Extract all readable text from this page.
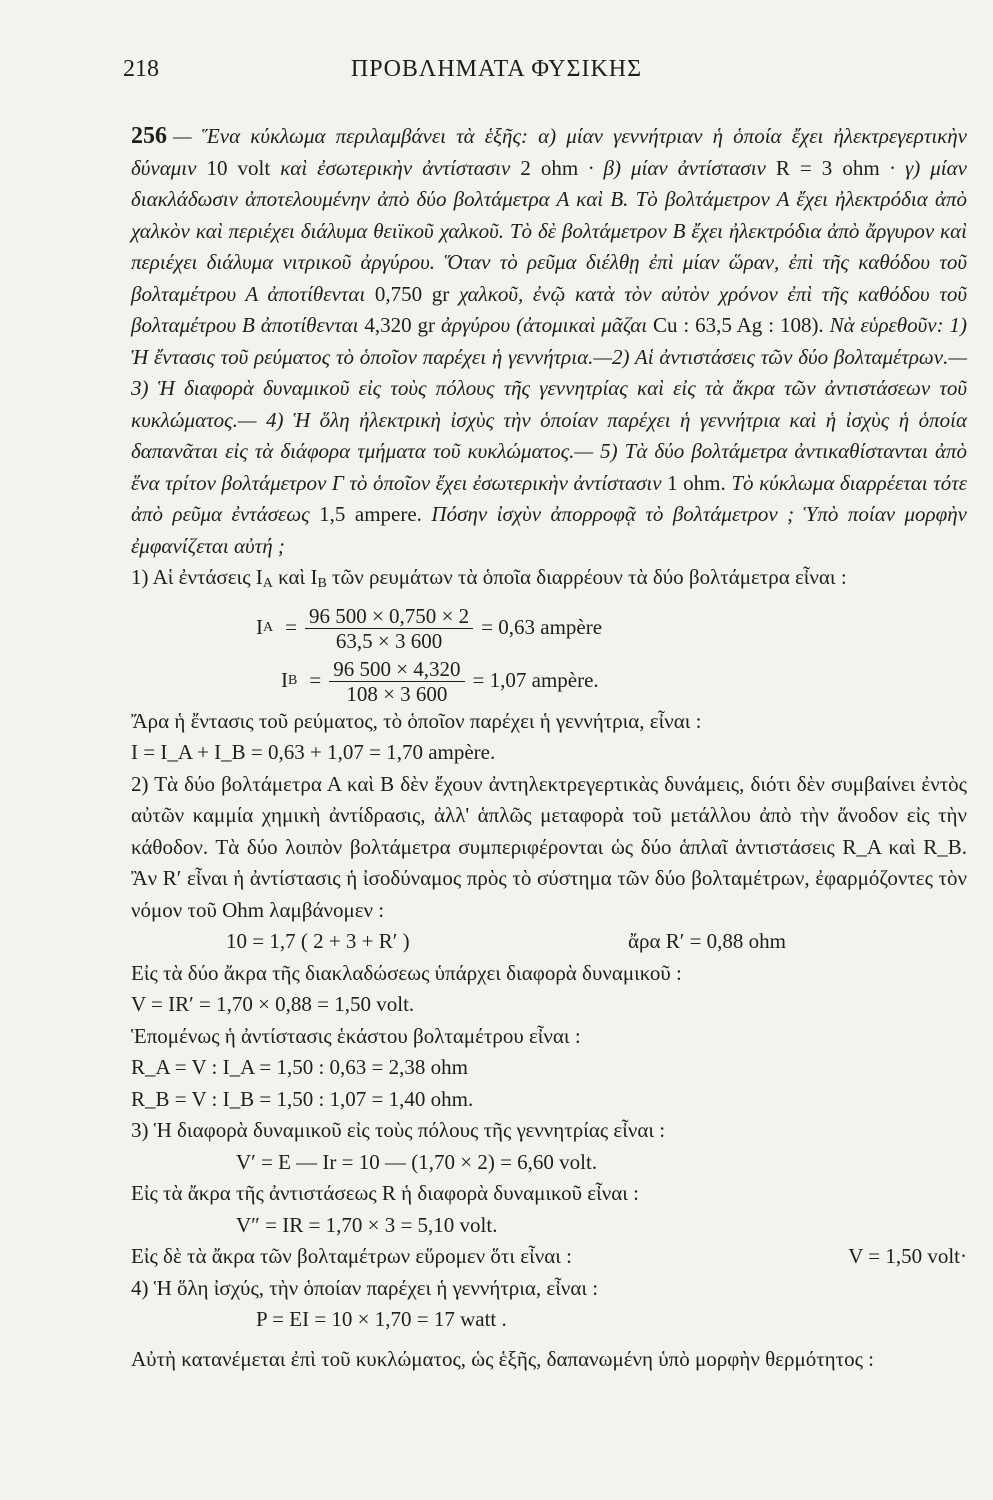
218	ΠΡΟΒΛΗΜΑΤΑ ΦΥΣΙΚΗΣ

256 — Ἕνα κύκλωμα περιλαμβάνει τὰ ἑξῆς: α) μίαν γεννήτριαν ἡ ὁποία ἔχει ἠλεκτρεγερτικὴν δύναμιν 10 volt καὶ ἐσωτερικὴν ἀντίστασιν 2 ohm · β) μίαν ἀντίστασιν R = 3 ohm · γ) μίαν διακλάδωσιν ἀποτελουμένην ἀπὸ δύο βολτάμετρα Α καὶ Β. Τὸ βολτάμετρον Α ἔχει ἠλεκτρόδια ἀπὸ χαλκὸν καὶ περιέχει διάλυμα θειϊκοῦ χαλκοῦ. Τὸ δὲ βολτάμετρον Β ἔχει ἠλεκτρόδια ἀπὸ ἄργυρον καὶ περιέχει διάλυμα νιτρικοῦ ἀργύρου. Ὅταν τὸ ρεῦμα διέλθῃ ἐπὶ μίαν ὥραν, ἐπὶ τῆς καθόδου τοῦ βολταμέτρου Α ἀποτίθενται 0,750 gr χαλκοῦ, ἐνῷ κατὰ τὸν αὐτὸν χρόνον ἐπὶ τῆς καθόδου τοῦ βολταμέτρου Β ἀποτίθενται 4,320 gr ἀργύρου (ἀτομικαὶ μᾶζαι Cu : 63,5 Ag : 108). Νὰ εὑρεθοῦν: 1) Ἡ ἔντασις τοῦ ρεύματος τὸ ὁποῖον παρέχει ἡ γεννήτρια.—2) Αἱ ἀντιστάσεις τῶν δύο βολταμέτρων.—3) Ἡ διαφορὰ δυναμικοῦ εἰς τοὺς πόλους τῆς γεννητρίας καὶ εἰς τὰ ἄκρα τῶν ἀντιστάσεων τοῦ κυκλώματος.— 4) Ἡ ὅλη ἠλεκτρικὴ ἰσχὺς τὴν ὁποίαν παρέχει ἡ γεννήτρια καὶ ἡ ἰσχὺς ἡ ὁποία δαπανᾶται εἰς τὰ διάφορα τμήματα τοῦ κυκλώματος.— 5) Τὰ δύο βολτάμετρα ἀντικαθίστανται ἀπὸ ἕνα τρίτον βολτάμετρον Γ τὸ ὁποῖον ἔχει ἐσωτερικὴν ἀντίστασιν 1 ohm. Τὸ κύκλωμα διαρρέεται τότε ἀπὸ ρεῦμα ἐντάσεως 1,5 ampere. Πόσην ἰσχὺν ἀπορροφᾷ τὸ βολτάμετρον ; Ὑπὸ ποίαν μορφὴν ἐμφανίζεται αὐτή ;

1) Αἱ ἐντάσεις $I_A$ καὶ $I_B$ τῶν ρευμάτων τὰ ὁποῖα διαρρέουν τὰ δύο βολτάμετρα εἶναι :

I $A = \frac{96 500 \times 0,750 \times 2}{63,5 \times 3 600} = 0,63$ ampère
I $B = \frac{96 500 \times 4,320}{108 \times 3 600} = 1,07$ ampère.

Ἄρα ἡ ἔντασις τοῦ ρεύματος, τὸ ὁποῖον παρέχει ἡ γεννήτρια, εἶναι :

I = I_A + I_B = 0,63 + 1,07 = 1,70 ampère.

2) Τὰ δύο βολτάμετρα Α καὶ Β δὲν ἔχουν ἀντηλεκτρεγερτικὰς δυνάμεις, διότι δὲν συμβαίνει ἐντὸς αὐτῶν καμμία χημικὴ ἀντίδρασις, ἀλλ' ἁπλῶς μεταφορὰ τοῦ μετάλλου ἀπὸ τὴν ἄνοδον εἰς τὴν κάθοδον. Τὰ δύο λοιπὸν βολτάμετρα συμπεριφέρονται ὡς δύο ἁπλαῖ ἀντιστάσεις R_A καὶ R_B. Ἂν R′ εἶναι ἡ ἀντίστασις ἡ ἰσοδύναμος πρὸς τὸ σύστημα τῶν δύο βολταμέτρων, ἐφαρμόζοντες τὸν νόμον τοῦ Ohm λαμβάνομεν :

10 = 1,7 ( 2 + 3 + R′ )	ἄρα R′ = 0,88 ohm

Εἰς τὰ δύο ἄκρα τῆς διακλαδώσεως ὑπάρχει διαφορὰ δυναμικοῦ :

V = IR′ = 1,70 × 0,88 = 1,50 volt.

Ἑπομένως ἡ ἀντίστασις ἑκάστου βολταμέτρου εἶναι :

R_A = V : I_A = 1,50 : 0,63 = 2,38 ohm

R_B = V : I_B = 1,50 : 1,07 = 1,40 ohm.

3) Ἡ διαφορὰ δυναμικοῦ εἰς τοὺς πόλους τῆς γεννητρίας εἶναι :

V′ = E — Ir = 10 — (1,70 × 2) = 6,60 volt.

Εἰς τὰ ἄκρα τῆς ἀντιστάσεως R ἡ διαφορὰ δυναμικοῦ εἶναι :

V″ = IR = 1,70 × 3 = 5,10 volt.

Εἰς δὲ τὰ ἄκρα τῶν βολταμέτρων εὕρομεν ὅτι εἶναι :	V = 1,50 volt·

4) Ἡ ὅλη ἰσχύς, τὴν ὁποίαν παρέχει ἡ γεννήτρια, εἶναι :

P = EI = 10 × 1,70 = 17 watt .

Αὐτὴ κατανέμεται ἐπὶ τοῦ κυκλώματος, ὡς ἑξῆς, δαπανωμένη ὑπὸ μορφὴν θερμότητος :
